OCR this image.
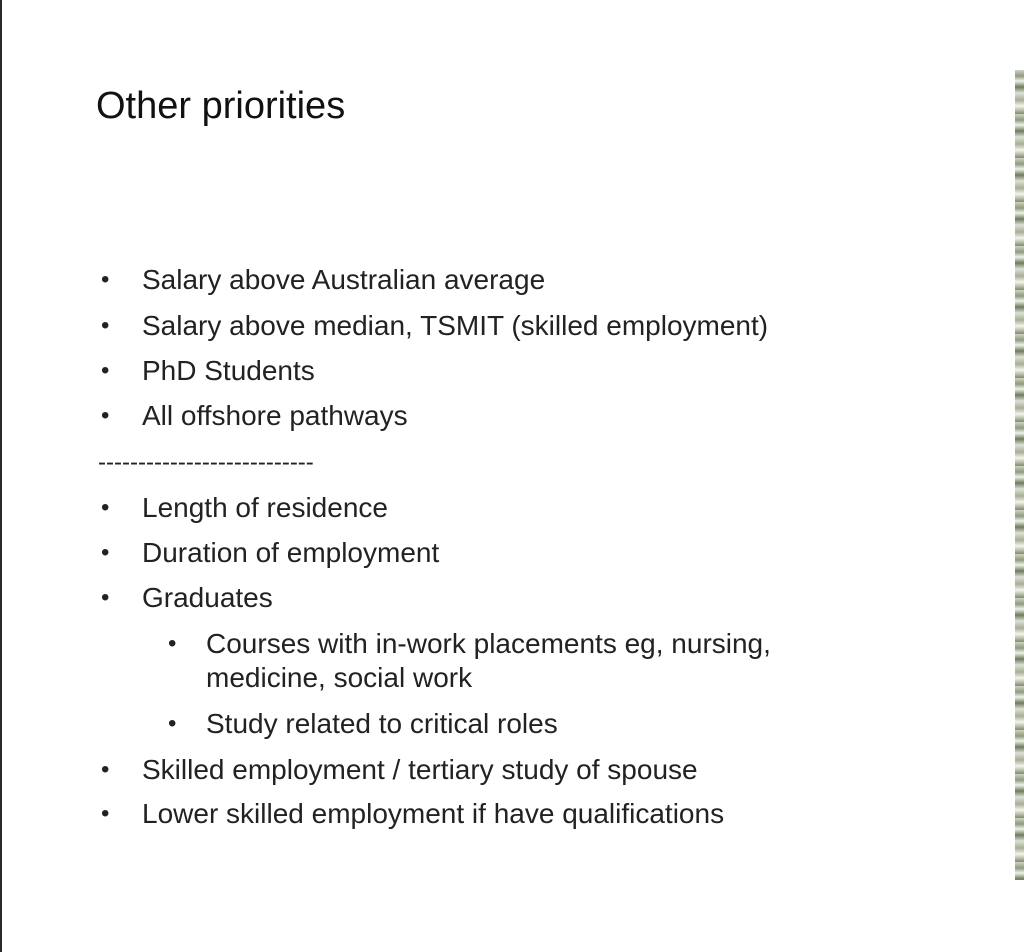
Other priorities
• Salary above Australian average
• Salary above median, TSMIT (skilled employment)
• PhD Students
• All offshore pathways
• Length of residence
• Duration of employment
• Graduates
• Courses with in-work placements eg, nursing,
medicine, social work
• Study related to critical roles
• Skilled employment / tertiary study of spouse
• Lower skilled employment if have qualifications
---------------------------
